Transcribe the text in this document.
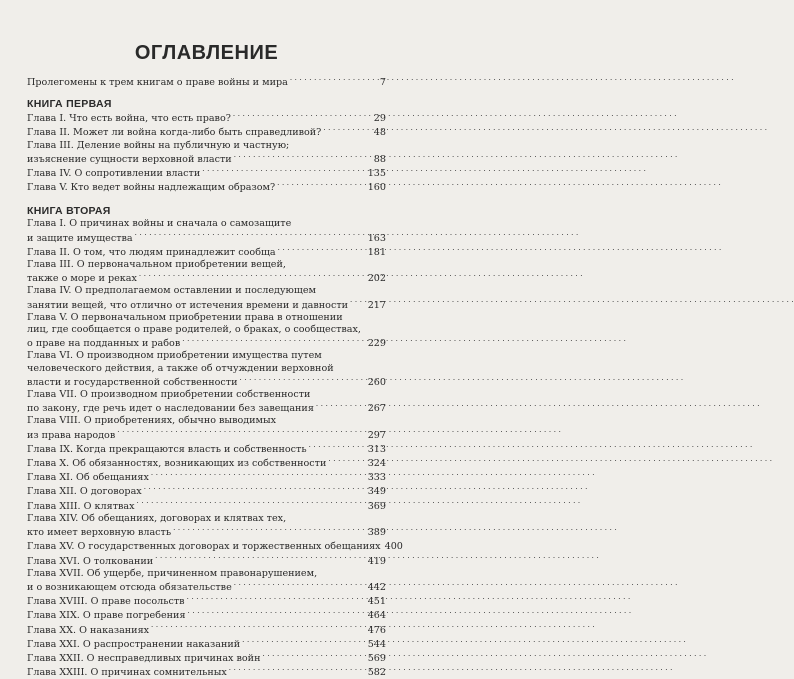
ОГЛАВЛЕНИЕ
Пролегомены к трем книгам о праве войны и мира . . .	7
КНИГА ПЕРВАЯ
Глава I. Что есть война, что есть право? . . .	29
Глава II. Может ли война когда-либо быть справедливой? . . .	48
Глава III. Деление войны на публичную и частную;
изъяснение сущности верховной власти . . .	88
Глава IV. О сопротивлении власти . . .	135
Глава V. Кто ведет войны надлежащим образом? . . .	160
КНИГА ВТОРАЯ
Глава I. О причинах войны и сначала о самозащите
и защите имущества . . .	163
Глава II. О том, что людям принадлежит сообща . . .	181
Глава III. О первоначальном приобретении вещей,
также о море и реках . . .	202
Глава IV. О предполагаемом оставлении и последующем
занятии вещей, что отлично от истечения времени и давности . . . 217
Глава V. О первоначальном приобретении права в отношении
лиц, где сообщается о праве родителей, о браках, о сообществах,
о праве на подданных и рабов . . .	229
Глава VI. О производном приобретении имущества путем
человеческого действия, а также об отчуждении верховной
власти и государственной собственности . . .	260
Глава VII. О производном приобретении собственности
по закону, где речь идет о наследовании без завещания . . .	267
Глава VIII. О приобретениях, обычно выводимых
из права народов . . .	297
Глава IX. Когда прекращаются власть и собственность . . .	313
Глава X. Об обязанностях, возникающих из собственности . . .	324
Глава XI. Об обещаниях . . .	333
Глава XII. О договорах . . .	349
Глава XIII. О клятвах . . .	369
Глава XIV. Об обещаниях, договорах и клятвах тех,
кто имеет верховную власть . . .	389
Глава XV. О государственных договорах и торжественных обещаниях 400
Глава XVI. О толковании . . .	419
Глава XVII. Об ущербе, причиненном правонарушением,
и о возникающем отсюда обязательстве . . .	442
Глава XVIII. О праве посольств . . .	451
Глава XIX. О праве погребения . . .	464
Глава XX. О наказаниях . . .	476
Глава XXI. О распространении наказаний . . .	544
Глава XXII. О несправедливых причинах войн . . .	569
Глава XXIII. О причинах сомнительных . . .	582
